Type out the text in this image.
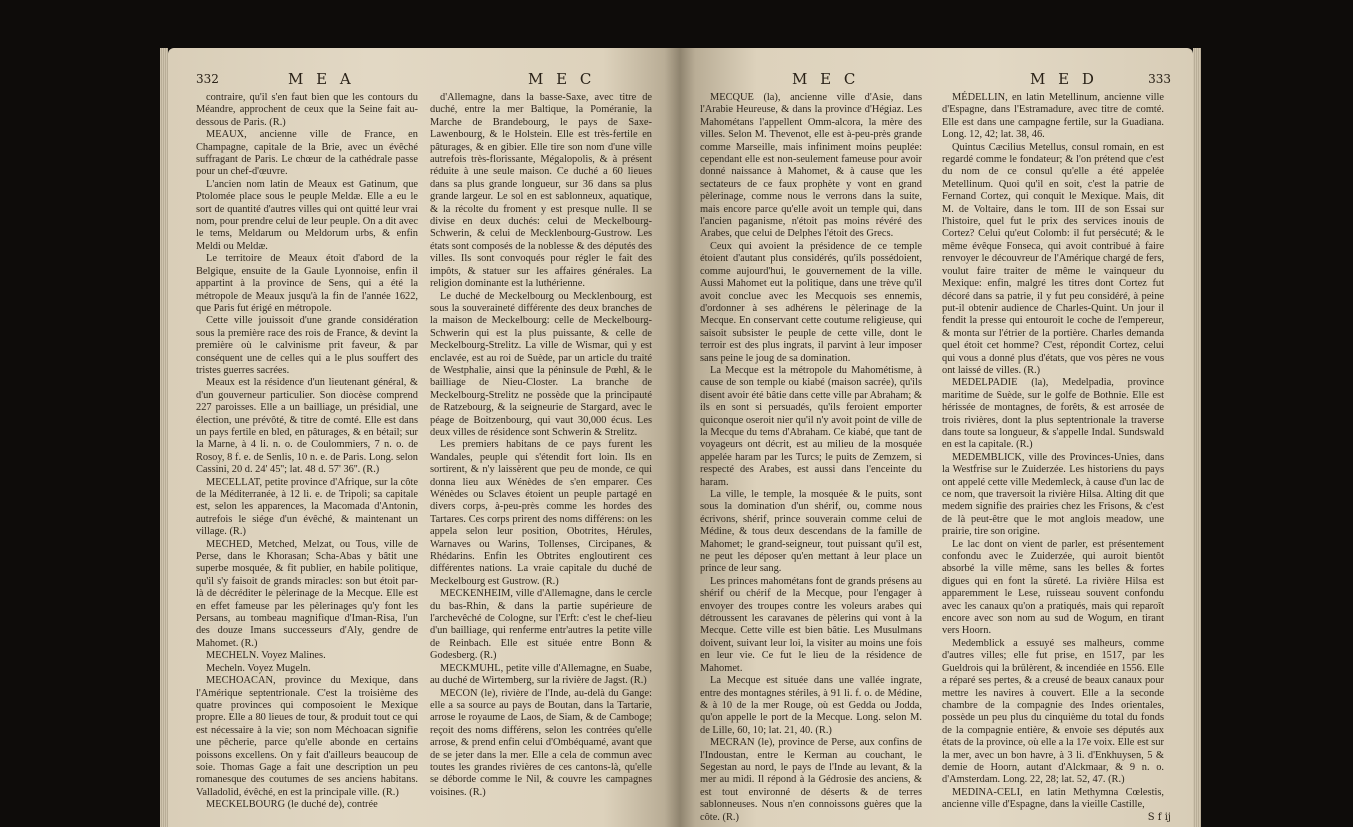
332	M E A	M E C

contraire, qu'il s'en faut bien que les contours du Méandre, approchent de ceux que la Seine fait au-dessous de Paris. (R.)

MEAUX, ancienne ville de France, en Champagne, capitale de la Brie, avec un évêché suffragant de Paris. Le chœur de la cathédrale passe pour un chef-d'œuvre.

L'ancien nom latin de Meaux est Gatinum, que Ptolomée place sous le peuple Meldæ. Elle a eu le sort de quantité d'autres villes qui ont quitté leur vrai nom, pour prendre celui de leur peuple. On a dit avec le tems, Meldarum ou Meldorum urbs, & enfin Meldi ou Meldæ.

Le territoire de Meaux étoit d'abord de la Belgique, ensuite de la Gaule Lyonnoise, enfin il appartint à la province de Sens, qui a été la métropole de Meaux jusqu'à la fin de l'année 1622, que Paris fut érigé en métropole.

Cette ville jouissoit d'une grande considération sous la première race des rois de France, & devint la première où le calvinisme prit faveur, & par conséquent une de celles qui a le plus souffert des tristes guerres sacrées.

Meaux est la résidence d'un lieutenant général, & d'un gouverneur particulier. Son diocèse comprend 227 paroisses. Elle a un bailliage, un présidial, une élection, une prévôté, & titre de comté. Elle est dans un pays fertile en bled, en pâturages, & en bétail; sur la Marne, à 4 li. n. o. de Coulommiers, 7 n. o. de Rosoy, 8 f. e. de Senlis, 10 n. e. de Paris. Long. selon Cassini, 20 d. 24' 45''; lat. 48 d. 57' 36''. (R.)

MECELLAT, petite province d'Afrique, sur la côte de la Méditerranée, à 12 li. e. de Tripoli; sa capitale est, selon les apparences, la Macomada d'Antonin, autrefois le siége d'un évêché, & maintenant un village. (R.)

MECHED, Metched, Melzat, ou Tous, ville de Perse, dans le Khorasan; Scha-Abas y bâtit une superbe mosquée, & fit publier, en habile politique, qu'il s'y faisoit de grands miracles: son but étoit par-là de décréditer le pèlerinage de la Mecque. Elle est en effet fameuse par les pèlerinages qu'y font les Persans, au tombeau magnifique d'Iman-Risa, l'un des douze Imans successeurs d'Aly, gendre de Mahomet. (R.)

MECHELN. Voyez Malines.

Mecheln. Voyez Mugeln.

MECHOACAN, province du Mexique, dans l'Amérique septentrionale. C'est la troisième des quatre provinces qui composoient le Mexique propre. Elle a 80 lieues de tour, & produit tout ce qui est nécessaire à la vie; son nom Méchoacan signifie une pêcherie, parce qu'elle abonde en certains poissons excellens. On y fait d'ailleurs beaucoup de soie. Thomas Gage a fait une description un peu romanesque des coutumes de ses anciens habitans. Valladolid, évêché, en est la principale ville. (R.)

MECKELBOURG (le duché de), contrée

d'Allemagne, dans la basse-Saxe, avec titre de duché, entre la mer Baltique, la Poméranie, la Marche de Brandebourg, le pays de Saxe-Lawenbourg, & le Holstein. Elle est très-fertile en pâturages, & en gibier. Elle tire son nom d'une ville autrefois très-florissante, Mégalopolis, & à présent réduite à une seule maison. Ce duché a 60 lieues dans sa plus grande longueur, sur 36 dans sa plus grande largeur. Le sol en est sablonneux, aquatique, & la récolte du froment y est presque nulle. Il se divise en deux duchés: celui de Meckelbourg-Schwerin, & celui de Mecklenbourg-Gustrow. Les états sont composés de la noblesse & des députés des villes. Ils sont convoqués pour régler le fait des impôts, & statuer sur les affaires générales. La religion dominante est la luthérienne.

Le duché de Meckelbourg ou Mecklenbourg, est sous la souveraineté différente des deux branches de la maison de Meckelbourg: celle de Meckelbourg-Schwerin qui est la plus puissante, & celle de Meckelbourg-Strelitz. La ville de Wismar, qui y est enclavée, est au roi de Suède, par un article du traité de Westphalie, ainsi que la péninsule de Pœhl, & le bailliage de Nieu-Closter. La branche de Meckelbourg-Strelitz ne possède que la principauté de Ratzebourg, & la seigneurie de Stargard, avec le péage de Boitzenbourg, qui vaut 30,000 écus. Les deux villes de résidence sont Schwerin & Strelitz.

Les premiers habitans de ce pays furent les Wandales, peuple qui s'étendit fort loin. Ils en sortirent, & n'y laissèrent que peu de monde, ce qui donna lieu aux Wénèdes de s'en emparer. Ces Wénèdes ou Sclaves étoient un peuple partagé en divers corps, à-peu-près comme les hordes des Tartares. Ces corps prirent des noms différens: on les appela selon leur position, Obotrites, Hérules, Warnaves ou Warins, Tollenses, Circipanes, & Rhédarins. Enfin les Obtrites engloutirent ces différentes nations. La vraie capitale du duché de Meckelbourg est Gustrow. (R.)

MECKENHEIM, ville d'Allemagne, dans le cercle du bas-Rhin, & dans la partie supérieure de l'archevêché de Cologne, sur l'Erft: c'est le chef-lieu d'un bailliage, qui renferme entr'autres la petite ville de Reinbach. Elle est située entre Bonn & Godesberg. (R.)

MECKMUHL, petite ville d'Allemagne, en Suabe, au duché de Wirtemberg, sur la rivière de Jagst. (R.)

MECON (le), rivière de l'Inde, au-delà du Gange: elle a sa source au pays de Boutan, dans la Tartarie, arrose le royaume de Laos, de Siam, & de Camboge; reçoit des noms différens, selon les contrées qu'elle arrose, & prend enfin celui d'Ombéquamé, avant que de se jeter dans la mer. Elle a cela de commun avec toutes les grandes rivières de ces cantons-là, qu'elle se déborde comme le Nil, & couvre les campagnes voisines. (R.)

M E C	M E D	333

MECQUE (la), ancienne ville d'Asie, dans l'Arabie Heureuse, & dans la province d'Hégiaz. Les Mahométans l'appellent Omm-alcora, la mère des villes. Selon M. Thevenot, elle est à-peu-près grande comme Marseille, mais infiniment moins peuplée: cependant elle est non-seulement fameuse pour avoir donné naissance à Mahomet, & à cause que les sectateurs de ce faux prophète y vont en grand pèlerinage, comme nous le verrons dans la suite, mais encore parce qu'elle avoit un temple qui, dans l'ancien paganisme, n'étoit pas moins révéré des Arabes, que celui de Delphes l'étoit des Grecs.

Ceux qui avoient la présidence de ce temple étoient d'autant plus considérés, qu'ils possédoient, comme aujourd'hui, le gouvernement de la ville. Aussi Mahomet eut la politique, dans une trève qu'il avoit conclue avec les Mecquois ses ennemis, d'ordonner à ses adhérens le pèlerinage de la Mecque. En conservant cette coutume religieuse, qui saisoit subsister le peuple de cette ville, dont le terroir est des plus ingrats, il parvint à leur imposer sans peine le joug de sa domination.

La Mecque est la métropole du Mahométisme, à cause de son temple ou kiabé (maison sacrée), qu'ils disent avoir été bâtie dans cette ville par Abraham; & ils en sont si persuadés, qu'ils feroient emporter quiconque oseroit nier qu'il n'y avoit point de ville de la Mecque du tems d'Abraham. Ce kiabé, que tant de voyageurs ont décrit, est au milieu de la mosquée appelée haram par les Turcs; le puits de Zemzem, si respecté des Arabes, est aussi dans l'enceinte du haram.

La ville, le temple, la mosquée & le puits, sont sous la domination d'un shérif, ou, comme nous écrivons, shérif, prince souverain comme celui de Médine, & tous deux descendans de la famille de Mahomet; le grand-seigneur, tout puissant qu'il est, ne peut les déposer qu'en mettant à leur place un prince de leur sang.

Les princes mahométans font de grands présens au shérif ou chérif de la Mecque, pour l'engager à envoyer des troupes contre les voleurs arabes qui détroussent les caravanes de pèlerins qui vont à la Mecque. Cette ville est bien bâtie. Les Musulmans doivent, suivant leur loi, la visiter au moins une fois en leur vie. Ce fut le lieu de la résidence de Mahomet.

La Mecque est située dans une vallée ingrate, entre des montagnes stériles, à 91 li. f. o. de Médine, & à 10 de la mer Rouge, où est Gedda ou Jodda, qu'on appelle le port de la Mecque. Long. selon M. de Lille, 60, 10; lat. 21, 40. (R.)

MECRAN (le), province de Perse, aux confins de l'Indoustan, entre le Kerman au couchant, le Segestan au nord, le pays de l'Inde au levant, & la mer au midi. Il répond à la Gédrosie des anciens, & est tout environné de déserts & de terres sablonneuses. Nous n'en connoissons guères que la côte. (R.)

MÉDELLIN, en latin Metellinum, ancienne ville d'Espagne, dans l'Estramadure, avec titre de comté. Elle est dans une campagne fertile, sur la Guadiana. Long. 12, 42; lat. 38, 46.

Quintus Cæcilius Metellus, consul romain, en est regardé comme le fondateur; & l'on prétend que c'est du nom de ce consul qu'elle a été appelée Metellinum. Quoi qu'il en soit, c'est la patrie de Fernand Cortez, qui conquit le Mexique. Mais, dit M. de Voltaire, dans le tom. III de son Essai sur l'histoire, quel fut le prix des services inouis de Cortez? Celui qu'eut Colomb: il fut persécuté; & le même évêque Fonseca, qui avoit contribué à faire renvoyer le découvreur de l'Amérique chargé de fers, voulut faire traiter de même le vainqueur du Mexique: enfin, malgré les titres dont Cortez fut décoré dans sa patrie, il y fut peu considéré, à peine put-il obtenir audience de Charles-Quint. Un jour il fendit la presse qui entouroit le coche de l'empereur, & monta sur l'étrier de la portière. Charles demanda quel étoit cet homme? C'est, répondit Cortez, celui qui vous a donné plus d'états, que vos pères ne vous ont laissé de villes. (R.)

MEDELPADIE (la), Medelpadia, province maritime de Suède, sur le golfe de Bothnie. Elle est hérissée de montagnes, de forêts, & est arrosée de trois rivières, dont la plus septentrionale la traverse dans toute sa longueur, & s'appelle Indal. Sundswald en est la capitale. (R.)

MEDEMBLICK, ville des Provinces-Unies, dans la Westfrise sur le Zuiderzée. Les historiens du pays ont appelé cette ville Medemleck, à cause d'un lac de ce nom, que traversoit la rivière Hilsa. Alting dit que medem signifie des prairies chez les Frisons, & c'est de là peut-être que le mot anglois meadow, une prairie, tire son origine.

Le lac dont on vient de parler, est présentement confondu avec le Zuiderzée, qui auroit bientôt absorbé la ville même, sans les belles & fortes digues qui en font la sûreté. La rivière Hilsa est apparemment le Lese, ruisseau souvent confondu avec les canaux qu'on a pratiqués, mais qui reparoît encore avec son nom au sud de Wogum, en tirant vers Hoorn.

Medemblick a essuyé ses malheurs, comme d'autres villes; elle fut prise, en 1517, par les Gueldrois qui la brûlèrent, & incendiée en 1556. Elle a réparé ses pertes, & a creusé de beaux canaux pour mettre les navires à couvert. Elle a la seconde chambre de la compagnie des Indes orientales, possède un peu plus du cinquième du total du fonds de la compagnie entière, & envoie ses députés aux états de la province, où elle a la 17e voix. Elle est sur la mer, avec un bon havre, à 3 li. d'Enkhuysen, 5 & demie de Hoorn, autant d'Alckmaar, & 9 n. o. d'Amsterdam. Long. 22, 28; lat. 52, 47. (R.)

MEDINA-CELI, en latin Methymna Cœlestis, ancienne ville d'Espagne, dans la vieille Castille,

S f ij
